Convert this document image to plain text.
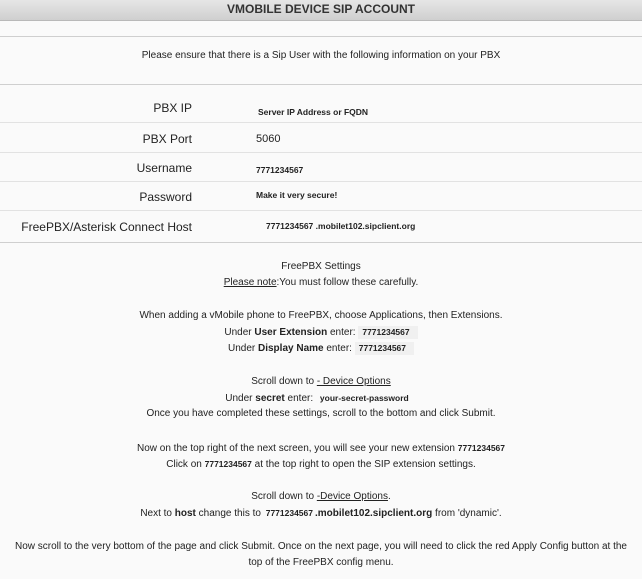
VMOBILE DEVICE SIP ACCOUNT
Please ensure that there is a Sip User with the following information on your PBX
PBX IP	Server IP Address or FQDN
PBX Port	5060
Username	7771234567
Password	Make it very secure!
FreePBX/Asterisk Connect Host	7771234567 .mobilet102.sipclient.org
FreePBX Settings
Please note:You must follow these carefully.
When adding a vMobile phone to FreePBX, choose Applications, then Extensions.
Under User Extension enter: 7771234567
Under Display Name enter: 7771234567
Scroll down to - Device Options
Under secret enter: your-secret-password
Once you have completed these settings, scroll to the bottom and click Submit.
Now on the top right of the next screen, you will see your new extension 7771234567
Click on 7771234567 at the top right to open the SIP extension settings.
Scroll down to -Device Options.
Next to host change this to 7771234567 .mobilet102.sipclient.org from 'dynamic'.
Now scroll to the very bottom of the page and click Submit. Once on the next page, you will need to click the red Apply Config button at the top of the FreePBX config menu.
